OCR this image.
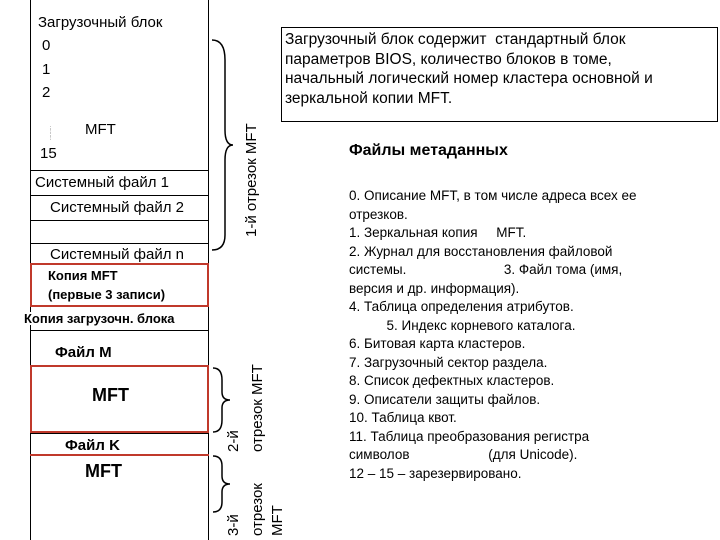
Загрузочный блок
0
1
2
.......... MFT
15
Системный файл 1
Системный файл 2
Системный файл n
Копия MFT
(первые 3 записи)
Копия загрузочн. блока
Файл M
MFT
Файл K
MFT
1-й отрезок MFT
2-й отрезок MFT
3-й отрезок MFT
Загрузочный блок содержит  стандартный блок
параметров BIOS, количество блоков в томе,
начальный логический номер кластера основной и
зеркальной копии MFT.
Файлы метаданных
0. Описание MFT, в том числе адреса всех ее
отрезков.
1. Зеркальная копия     MFT.
2. Журнал для восстановления файловой
системы.                          3. Файл тома (имя,
версия и др. информация).
4. Таблица определения атрибутов.
5. Индекс корневого каталога.
6. Битовая карта кластеров.
7. Загрузочный сектор раздела.
8. Список дефектных кластеров.
9. Описатели защиты файлов.
10. Таблица квот.
11. Таблица преобразования регистра
символов                     (для Unicode).
12 – 15 – зарезервировано.
